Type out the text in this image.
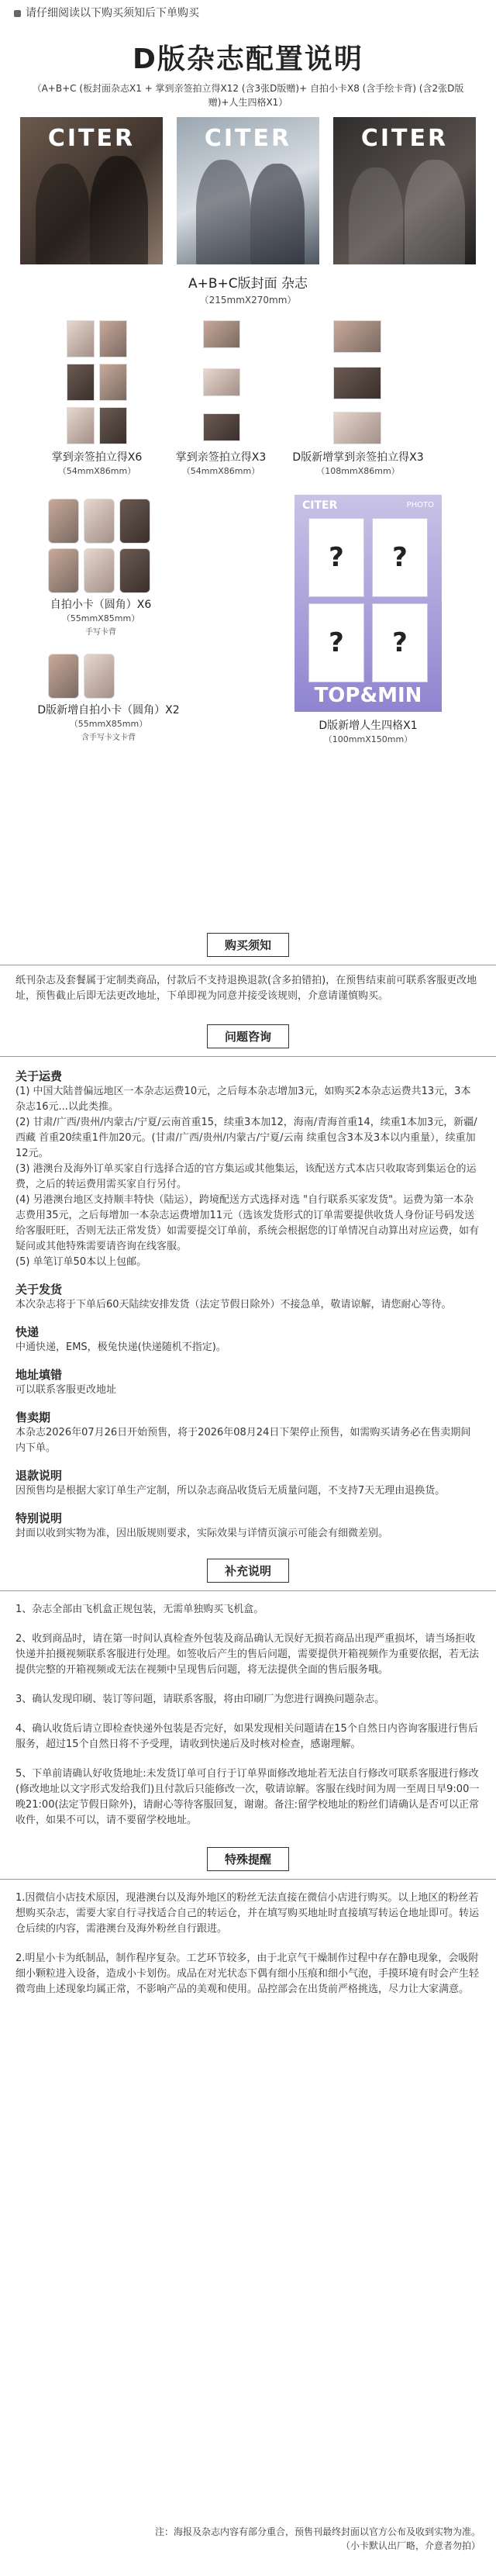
请仔细阅读以下购买须知后下单购买
D版杂志配置说明
（A+B+C (板封面杂志X1 + 掌到亲签拍立得X12 (含3张D版赠)+ 自拍小卡X8 (含手绘卡背) (含2张D版赠)+人生四格X1）
CITER	CITER	CITER
A+B+C版封面 杂志
（215mmX270mm）
掌到亲签拍立得X6
（54mmX86mm）
掌到亲签拍立得X3
（54mmX86mm）
D版新增掌到亲签拍立得X3
（108mmX86mm）
自拍小卡（圆角）X6
（55mmX85mm）
手写卡背
D版新增自拍小卡（圆角）X2
（55mmX85mm）
含手写卡文卡背
CITER	PHOTO
?	?
?	?
TOP&MIN
D版新增人生四格X1
（100mmX150mm）
购买须知
纸刊杂志及套餐属于定制类商品，付款后不支持退换退款(含多拍错拍)，在预售结束前可联系客服更改地址，预售截止后即无法更改地址，下单即视为同意并接受该规则，介意请谨慎购买。
问题咨询
关于运费
(1) 中国大陆普偏远地区一本杂志运费10元，之后每本杂志增加3元，如购买2本杂志运费共13元，3本杂志16元...以此类推。
(2) 甘肃/广西/贵州/内蒙古/宁夏/云南首重15，续重3本加12，海南/青海首重14，续重1本加3元，新疆/西藏 首重20续重1件加20元。(甘肃/广西/贵州/内蒙古/宁夏/云南 续重包含3本及3本以内重量），续重加12元。
(3) 港澳台及海外订单买家自行选择合适的官方集运或其他集运，该配送方式本店只收取寄到集运仓的运费，之后的转运费用需买家自行另付。
(4) 另港澳台地区支持顺丰特快（陆运），跨境配送方式选择对选 "自行联系买家发货"。运费为第一本杂志费用35元，之后每增加一本杂志运费增加11元（选该发货形式的订单需要提供收货人身份证号码发送给客服旺旺，否则无法正常发货）如需要提交订单前，系统会根据您的订单情况自动算出对应运费，如有疑问或其他特殊需要请咨询在线客服。
(5) 单笔订单50本以上包邮。
关于发货
本次杂志将于下单后60天陆续安排发货（法定节假日除外）不接急单，敬请谅解，请您耐心等待。
快递
中通快递，EMS，极兔快递(快递随机不指定)。
地址填错
可以联系客服更改地址
售卖期
本杂志2026年07月26日开始预售，将于2026年08月24日下架停止预售，如需购买请务必在售卖期间内下单。
退款说明
因预售均是根据大家订单生产定制，所以杂志商品收货后无质量问题，不支持7天无理由退换货。
特别说明
封面以收到实物为准，因出版规则要求，实际效果与详情页演示可能会有细微差别。
补充说明
1、杂志全部由飞机盒正规包装，无需单独购买飞机盒。
2、收到商品时，请在第一时间认真检查外包装及商品确认无误好无损若商品出现严重损坏，请当场拒收快递并拍摄视频联系客服进行处理。如签收后产生的售后问题，需要提供开箱视频作为重要依据，若无法提供完整的开箱视频或无法在视频中呈现售后问题，将无法提供全面的售后服务哦。
3、确认发现印刷、装订等问题，请联系客服，将由印刷厂为您进行调换问题杂志。
4、确认收货后请立即检查快递外包装是否完好，如果发现相关问题请在15个自然日内咨询客服进行售后服务，超过15个自然日将不予受理，请收到快递后及时核对检查，感谢理解。
5、下单前请确认好收货地址:未发货订单可自行于订单界面修改地址若无法自行修改可联系客服进行修改(修改地址以文字形式发给我们)且付款后只能修改一次，敬请谅解。客服在线时间为周一至周日早9:00一晚21:00(法定节假日除外)，请耐心等待客服回复，谢谢。备注:留学校地址的粉丝们请确认是否可以正常收件，如果不可以，请不要留学校地址。
特殊提醒
1.因微信小店技术原因，现港澳台以及海外地区的粉丝无法直接在微信小店进行购买。以上地区的粉丝若想购买杂志，需要大家自行寻找适合自己的转运仓，并在填写购买地址时直接填写转运仓地址即可。转运仓后续的内容，需港澳台及海外粉丝自行跟进。
2.明星小卡为纸制品，制作程序复杂。工艺环节较多，由于北京气干燥制作过程中存在静电现象，会吸附细小颗粒进入设备，造成小卡划伤。成品在对光状态下偶有细小压痕和细小气泡，手摸环境有时会产生轻微弯曲上述现象均属正常，不影响产品的美观和使用。品控部会在出货前严格挑选，尽力让大家满意。
注：海报及杂志内容有部分重合，预售刊最终封面以官方公布及收到实物为准。
（小卡默认出厂略，介意者勿拍）
